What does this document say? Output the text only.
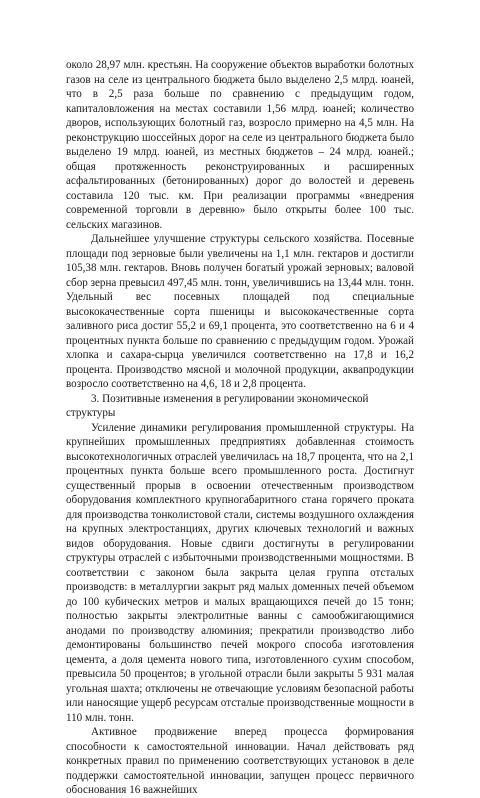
около 28,97 млн. крестьян. На сооружение объектов выработки болотных газов на селе из центрального бюджета было выделено 2,5 млрд. юаней, что в 2,5 раза больше по сравнению с предыдущим годом, капиталовложения на местах составили 1,56 млрд. юаней; количество дворов, использующих болотный газ, возросло примерно на 4,5 млн. На реконструкцию шоссейных дорог на селе из центрального бюджета было выделено 19 млрд. юаней, из местных бюджетов – 24 млрд. юаней.; общая протяженность реконструированных и расширенных асфальтированных (бетонированных) дорог до волостей и деревень составила 120 тыс. км. При реализации программы «внедрения современной торговли в деревню» было открыты более 100 тыс. сельских магазинов.

Дальнейшее улучшение структуры сельского хозяйства. Посевные площади под зерновые были увеличены на 1,1 млн. гектаров и достигли 105,38 млн. гектаров. Вновь получен богатый урожай зерновых; валовой сбор зерна превысил 497,45 млн. тонн, увеличившись на 13,44 млн. тонн. Удельный вес посевных площадей под специальные высококачественные сорта пшеницы и высококачественные сорта заливного риса достиг 55,2 и 69,1 процента, это соответственно на 6 и 4 процентных пункта больше по сравнению с предыдущим годом. Урожай хлопка и сахара-сырца увеличился соответственно на 17,8 и 16,2 процента. Производство мясной и молочной продукции, аквапродукции возросло соответственно на 4,6, 18 и 2,8 процента.

3. Позитивные изменения в регулировании экономической структуры

Усиление динамики регулирования промышленной структуры. На крупнейших промышленных предприятиях добавленная стоимость высокотехнологичных отраслей увеличилась на 18,7 процента, что на 2,1 процентных пункта больше всего промышленного роста. Достигнут существенный прорыв в освоении отечественным производством оборудования комплектного крупногабаритного стана горячего проката для производства тонколистовой стали, системы воздушного охлаждения на крупных электростанциях, других ключевых технологий и важных видов оборудования. Новые сдвиги достигнуты в регулировании структуры отраслей с избыточными производственными мощностями. В соответствии с законом была закрыта целая группа отсталых производств: в металлургии закрыт ряд малых доменных печей объемом до 100 кубических метров и малых вращающихся печей до 15 тонн; полностью закрыты электролитные ванны с самообжигающимися анодами по производству алюминия; прекратили производство либо демонтированы большинство печей мокрого способа изготовления цемента, а доля цемента нового типа, изготовленного сухим способом, превысила 50 процентов; в угольной отрасли были закрыты 5 931 малая угольная шахта; отключены не отвечающие условиям безопасной работы или наносящие ущерб ресурсам отсталые производственные мощности в 110 млн. тонн.

Активное продвижение вперед процесса формирования способности к самостоятельной инновации. Начал действовать ряд конкретных правил по применению соответствующих установок в деле поддержки самостоятельной инновации, запущен процесс первичного обоснования 16 важнейших
